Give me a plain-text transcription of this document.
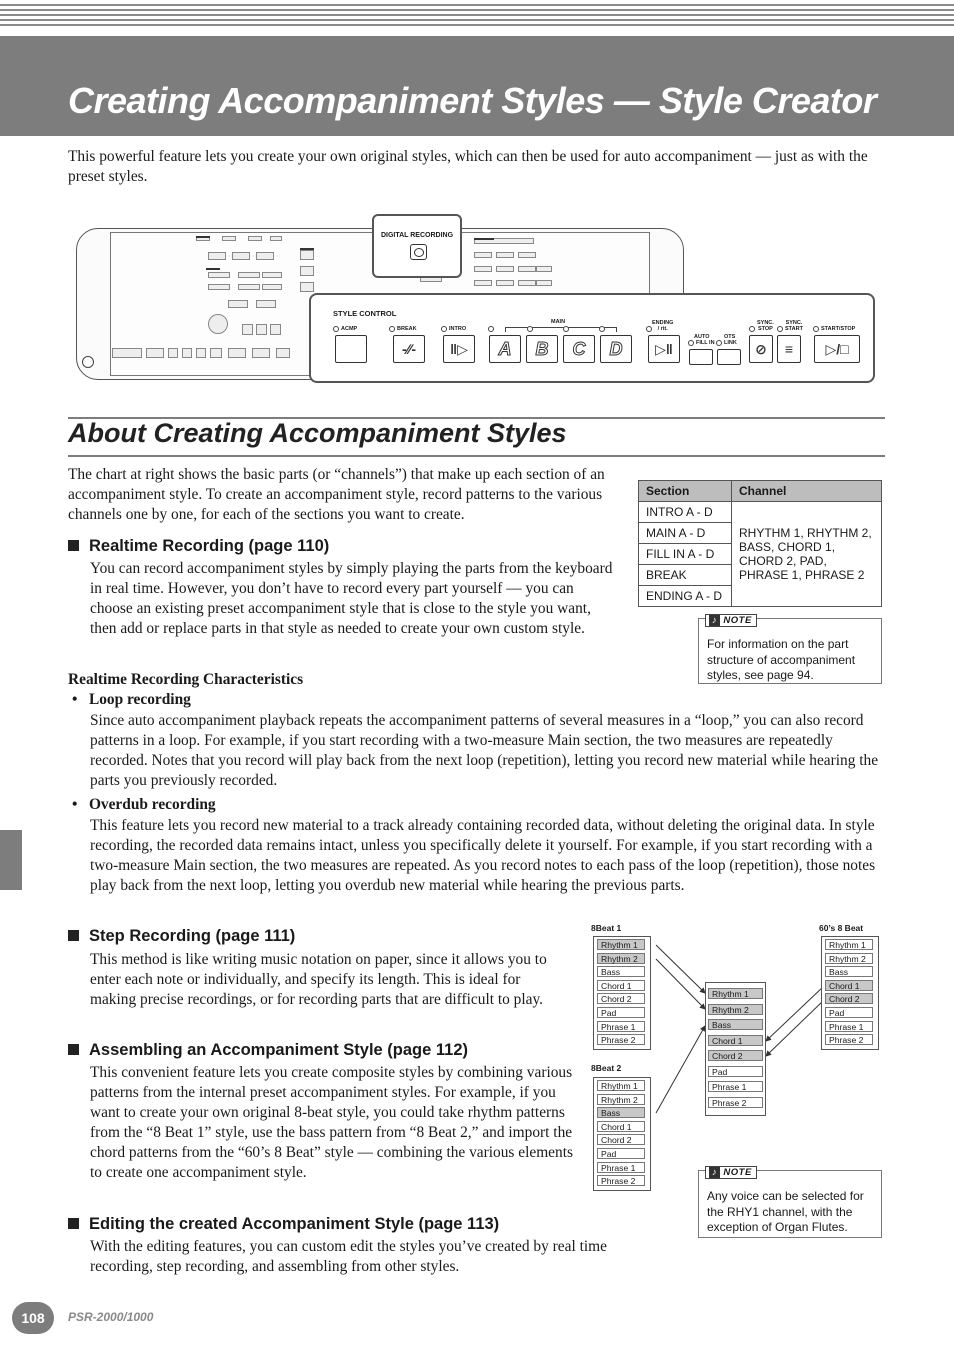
Creating Accompaniment Styles — Style Creator
This powerful feature lets you create your own original styles, which can then be used for auto accompaniment — just as with the preset styles.
DIGITAL RECORDING
STYLE CONTROL
ACMP	BREAK
-∕∕-
INTRO
‖▷
MAIN
A	B	C	D
ENDING
/ rit.
▷‖
AUTO
FILL IN
OTS
LINK
SYNC.
STOP
⊘
SYNC.
START
≡
START/STOP
▷/□
About Creating Accompaniment Styles
The chart at right shows the basic parts (or “channels”) that make up each section of an accompaniment style. To create an accompaniment style, record patterns to the various channels one by one, for each of the sections you want to create.
Section	Channel
INTRO A - D	RHYTHM 1, RHYTHM 2, BASS, CHORD 1, CHORD 2, PAD, PHRASE 1, PHRASE 2
MAIN A - D	
FILL IN A - D	
BREAK	
ENDING A - D	
♪ NOTE
For information on the part structure of accompaniment styles, see page 94.
Realtime Recording (page 110)
You can record accompaniment styles by simply playing the parts from the keyboard in real time. However, you don’t have to record every part yourself — you can choose an existing preset accompaniment style that is close to the style you want, then add or replace parts in that style as needed to create your own custom style.
Realtime Recording Characteristics
•   Loop recording
Since auto accompaniment playback repeats the accompaniment patterns of several measures in a “loop,” you can also record patterns in a loop. For example, if you start recording with a two-measure Main section, the two measures are repeatedly recorded. Notes that you record will play back from the next loop (repetition), letting you record new material while hearing the parts you previously recorded.
•   Overdub recording
This feature lets you record new material to a track already containing recorded data, without deleting the original data. In style recording, the recorded data remains intact, unless you specifically delete it yourself. For example, if you start recording with a two-measure Main section, the two measures are repeated. As you record notes to each pass of the loop (repetition), those notes play back from the next loop, letting you overdub new material while hearing the previous parts.
Step Recording (page 111)
This method is like writing music notation on paper, since it allows you to enter each note or individually, and specify its length. This is ideal for making precise recordings, or for recording parts that are difficult to play.
Assembling an Accompaniment Style (page 112)
This convenient feature lets you create composite styles by combining various patterns from the internal preset accompaniment styles. For example, if you want to create your own original 8-beat style, you could take rhythm patterns from the “8 Beat 1” style, use the bass pattern from “8 Beat 2,” and import the chord patterns from the “60’s 8 Beat” style — combining the various elements to create one accompaniment style.
Editing the created Accompaniment Style (page 113)
With the editing features, you can custom edit the styles you’ve created by real time recording, step recording, and assembling from other styles.
8Beat 1	60’s 8 Beat
8Beat 2
Rhythm 1
Rhythm 2
Bass
Chord 1
Chord 2
Pad
Phrase 1
Phrase 2
Rhythm 1
Rhythm 2
Bass
Chord 1
Chord 2
Pad
Phrase 1
Phrase 2
Rhythm 1
Rhythm 2
Bass
Chord 1
Chord 2
Pad
Phrase 1
Phrase 2
Rhythm 1
Rhythm 2
Bass
Chord 1
Chord 2
Pad
Phrase 1
Phrase 2
♪ NOTE
Any voice can be selected for the RHY1 channel, with the exception of Organ Flutes.
108	PSR-2000/1000
